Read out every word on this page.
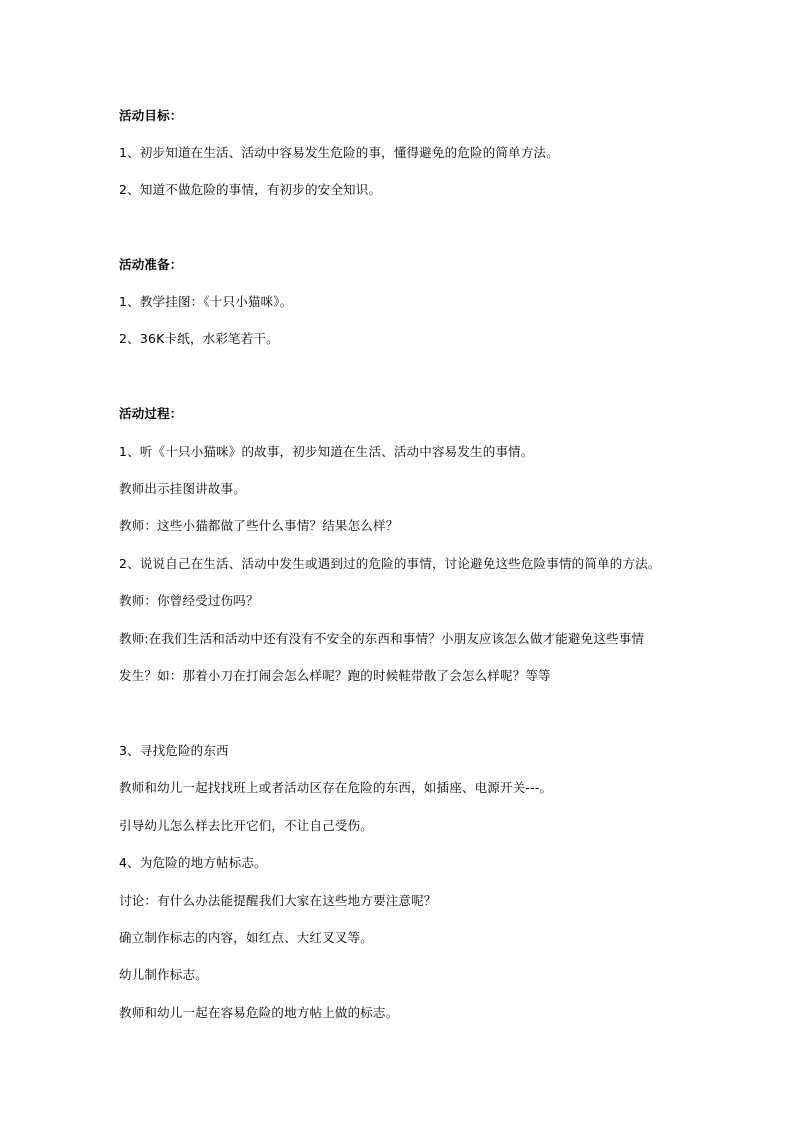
活动目标：
1、初步知道在生活、活动中容易发生危险的事，懂得避免的危险的简单方法。
2、知道不做危险的事情，有初步的安全知识。
活动准备：
1、教学挂图：《十只小猫咪》。
2、36K卡纸，水彩笔若干。
活动过程：
1、听《十只小猫咪》的故事，初步知道在生活、活动中容易发生的事情。
教师出示挂图讲故事。
教师：这些小猫都做了些什么事情？结果怎么样？
2、说说自己在生活、活动中发生或遇到过的危险的事情，讨论避免这些危险事情的简单的方法。
教师：你曾经受过伤吗？
教师:在我们生活和活动中还有没有不安全的东西和事情？小朋友应该怎么做才能避免这些事情
发生？如：那着小刀在打闹会怎么样呢？跑的时候鞋带散了会怎么样呢？等等
3、寻找危险的东西
教师和幼儿一起找找班上或者活动区存在危险的东西，如插座、电源开关---。
引导幼儿怎么样去比开它们，不让自己受伤。
4、为危险的地方帖标志。
讨论：有什么办法能提醒我们大家在这些地方要注意呢？
确立制作标志的内容，如红点、大红叉叉等。
幼儿制作标志。
教师和幼儿一起在容易危险的地方帖上做的标志。
